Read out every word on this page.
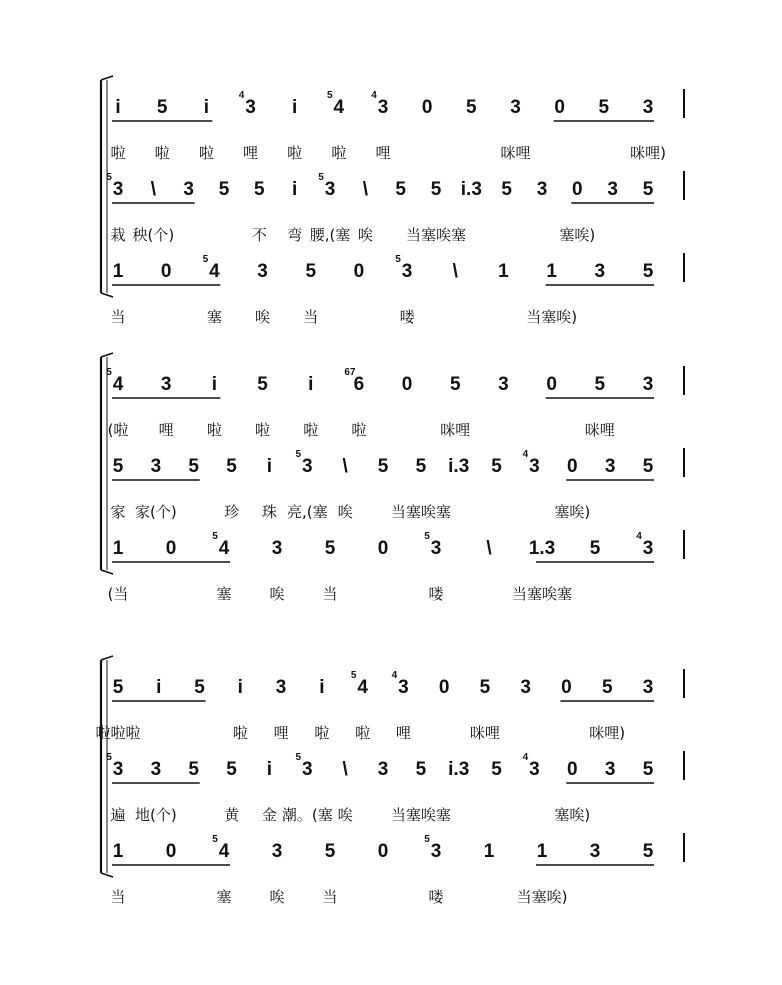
i
啦
5
啦
i
啦
3
4
哩
i
啦
4
5
啦
3
4
哩
0 5 3
咪哩
0 5 3
咪哩)
3
5
栽
\
秧(个)
3 5 5
不
i
弯
3
5
腰,(塞
\
唉
5 5
当塞唉塞
i.3 5 3 0
塞唉)
3 5
1
当
0 4
5
塞
3
唉
5
当
0 3
5
喽
\ 1 1
当塞唉)
3 5
4
5
(啦
3
哩
i
啦
5
啦
i
啦
6
67
啦
0 5
咪哩
3 0 5
咪哩
3
5
家
3
家(个)
5 5
珍
i
珠
3
5
亮,(塞
\
唉
5 5
当塞唉塞
i.3 5 3
4
0
塞唉)
3 5
1
(当
0 4
5
塞
3
唉
5
当
0 3
5
喽
\ 1.3
当塞唉塞
5 3
4
5
啦啦啦
i 5 i
啦
3
哩
i
啦
4
5
啦
3
4
哩
0 5
咪哩
3 0 5
咪哩)
3
3
5
遍
3
地(个)
5 5
黄
i
金
3
5
潮。(塞
\
唉
3 5
当塞唉塞
i.3 5 3
4
0
塞唉)
3 5
1
当
0 4
5
塞
3
唉
5
当
0 3
5
喽
1 1
当塞唉)
3 5
